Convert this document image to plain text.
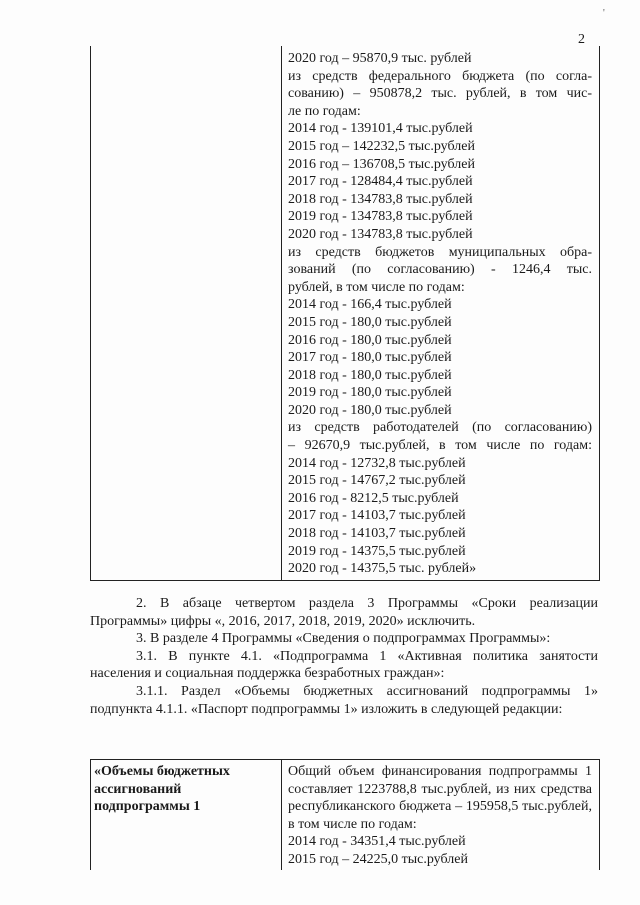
'
2
2020 год – 95870,9 тыс. рублей
из средств федерального бюджета (по согла-
сованию) – 950878,2 тыс. рублей, в том чис-
ле по годам:
2014 год - 139101,4 тыс.рублей
2015 год – 142232,5 тыс.рублей
2016 год – 136708,5 тыс.рублей
2017 год - 128484,4 тыс.рублей
2018 год - 134783,8 тыс.рублей
2019 год - 134783,8 тыс.рублей
2020 год - 134783,8 тыс.рублей
из средств бюджетов муниципальных обра-
зований (по согласованию) - 1246,4 тыс.
рублей, в том числе по годам:
2014 год - 166,4 тыс.рублей
2015 год - 180,0 тыс.рублей
2016 год - 180,0 тыс.рублей
2017 год - 180,0 тыс.рублей
2018 год - 180,0 тыс.рублей
2019 год - 180,0 тыс.рублей
2020 год - 180,0 тыс.рублей
из средств работодателей (по согласованию)
– 92670,9 тыс.рублей, в том числе по годам:
2014 год - 12732,8 тыс.рублей
2015 год - 14767,2 тыс.рублей
2016 год - 8212,5 тыс.рублей
2017 год - 14103,7 тыс.рублей
2018 год - 14103,7 тыс.рублей
2019 год - 14375,5 тыс.рублей
2020 год - 14375,5 тыс. рублей»

2. В абзаце четвертом раздела 3 Программы «Сроки реализации Программы» цифры «, 2016, 2017, 2018, 2019, 2020» исключить.

3. В разделе 4 Программы «Сведения о подпрограммах Программы»:

3.1. В пункте 4.1. «Подпрограмма 1 «Активная политика занятости населения и социальная поддержка безработных граждан»:

3.1.1. Раздел «Объемы бюджетных ассигнований подпрограммы 1» подпункта 4.1.1. «Паспорт подпрограммы 1» изложить в следующей редакции:

«Объемы бюджетных ассигнований подпрограммы 1
Общий объем финансирования подпрограммы 1 составляет 1223788,8 тыс.рублей, из них средства республиканского бюджета – 195958,5 тыс.рублей, в том числе по годам:
2014 год - 34351,4 тыс.рублей
2015 год – 24225,0 тыс.рублей
